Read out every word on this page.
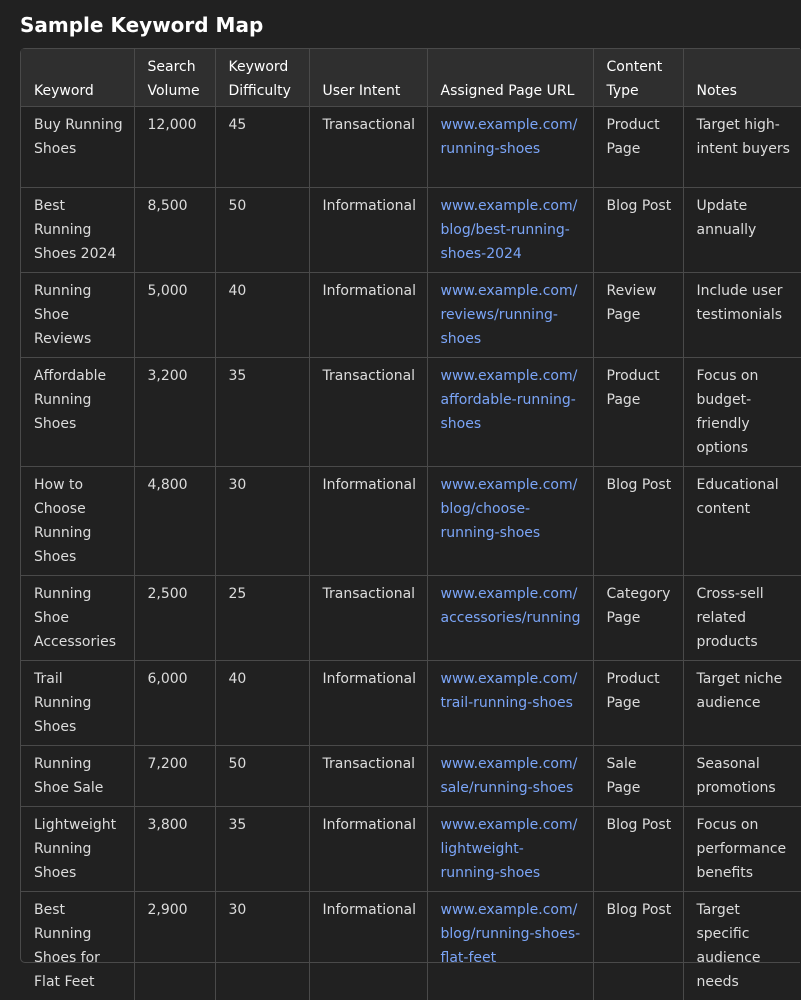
Sample Keyword Map
Keyword	Search Volume	Keyword Difficulty	User Intent	Assigned Page URL	Content Type	Notes
Buy Running Shoes	12,000	45	Transactional	www.example.com/ running-shoes	Product Page	Target high-intent buyers
Best Running Shoes 2024	8,500	50	Informational	www.example.com/ blog/best-running-shoes-2024	Blog Post	Update annually
Running Shoe Reviews	5,000	40	Informational	www.example.com/ reviews/running-shoes	Review Page	Include user testimonials
Affordable Running Shoes	3,200	35	Transactional	www.example.com/ affordable-running-shoes	Product Page	Focus on budget-friendly options
How to Choose Running Shoes	4,800	30	Informational	www.example.com/ blog/choose-running-shoes	Blog Post	Educational content
Running Shoe Accessories	2,500	25	Transactional	www.example.com/ accessories/running	Category Page	Cross-sell related products
Trail Running Shoes	6,000	40	Informational	www.example.com/ trail-running-shoes	Product Page	Target niche audience
Running Shoe Sale	7,200	50	Transactional	www.example.com/ sale/running-shoes	Sale Page	Seasonal promotions
Lightweight Running Shoes	3,800	35	Informational	www.example.com/ lightweight-running-shoes	Blog Post	Focus on performance benefits
Best Running Shoes for Flat Feet	2,900	30	Informational	www.example.com/ blog/running-shoes-flat-feet	Blog Post	Target specific audience needs
